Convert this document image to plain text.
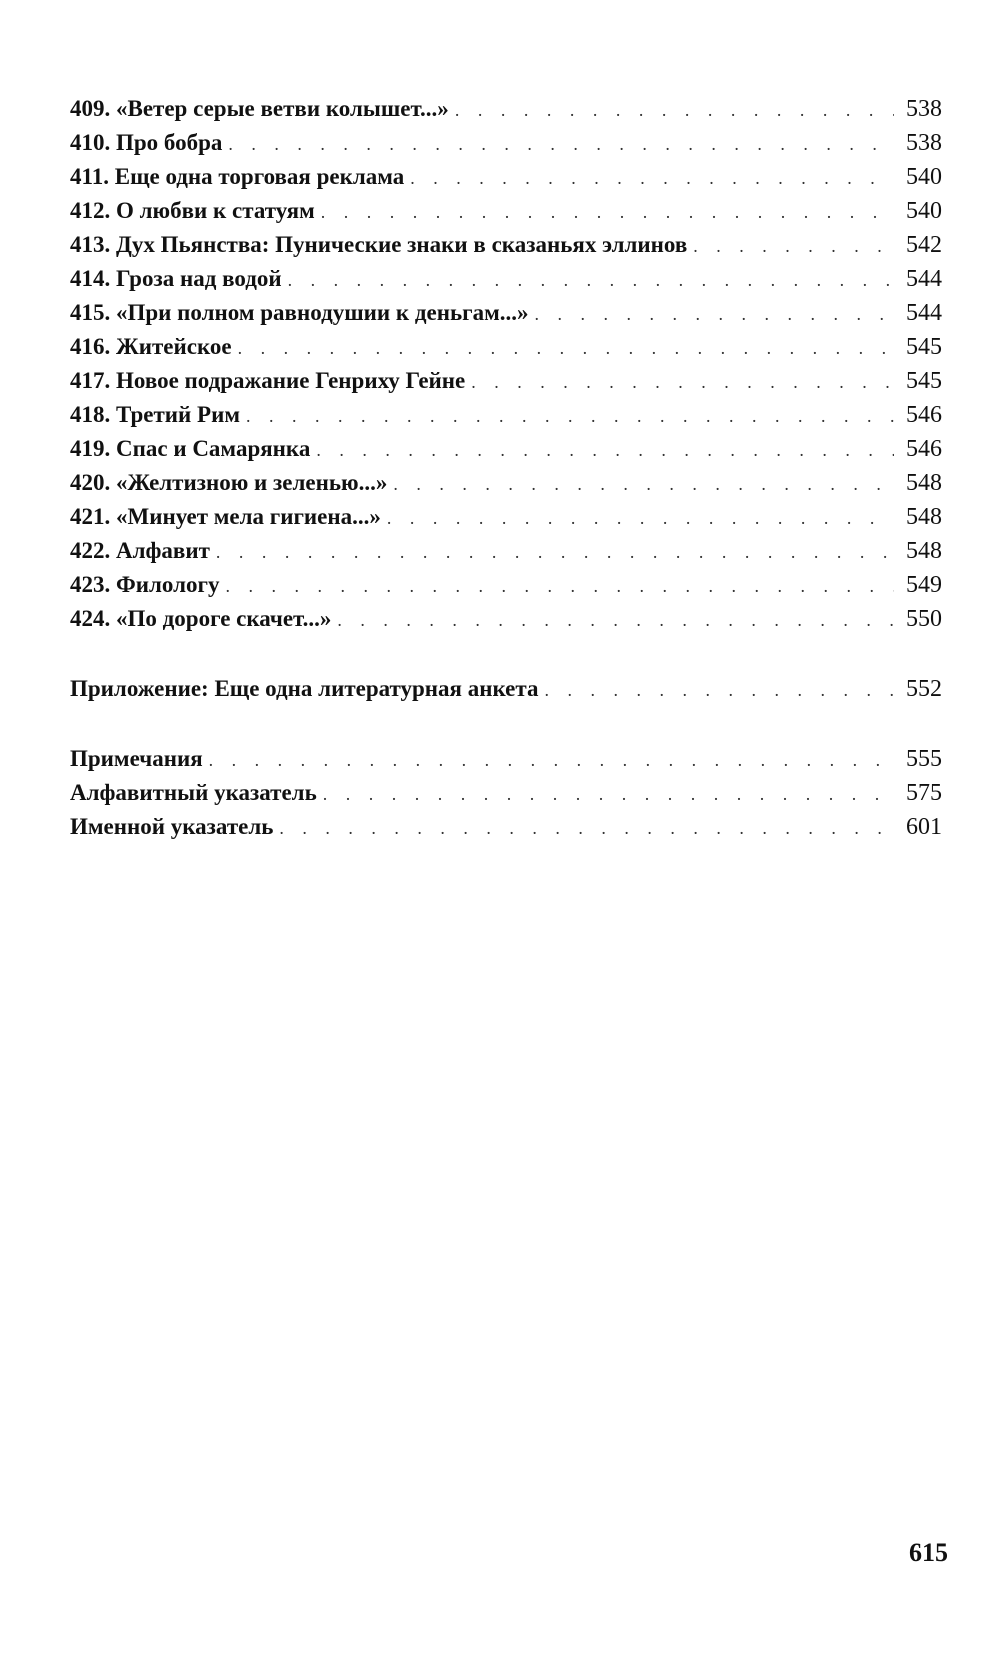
409. «Ветер серые ветви колышет...» . . .	538
410. Про бобра . . .	538
411. Еще одна торговая реклама . . .	540
412. О любви к статуям . . .	540
413. Дух Пьянства: Пунические знаки в сказаньях эллинов . . .	542
414. Гроза над водой . . .	544
415. «При полном равнодушии к деньгам...» . . .	544
416. Житейское . . .	545
417. Новое подражание Генриху Гейне . . .	545
418. Третий Рим . . .	546
419. Спас и Самарянка . . .	546
420. «Желтизною и зеленью...» . . .	548
421. «Минует мела гигиена...» . . .	548
422. Алфавит . . .	548
423. Филологу . . .	549
424. «По дороге скачет...» . . .	550
Приложение: Еще одна литературная анкета . . .	552
Примечания . . .	555
Алфавитный указатель . . .	575
Именной указатель . . .	601
615
